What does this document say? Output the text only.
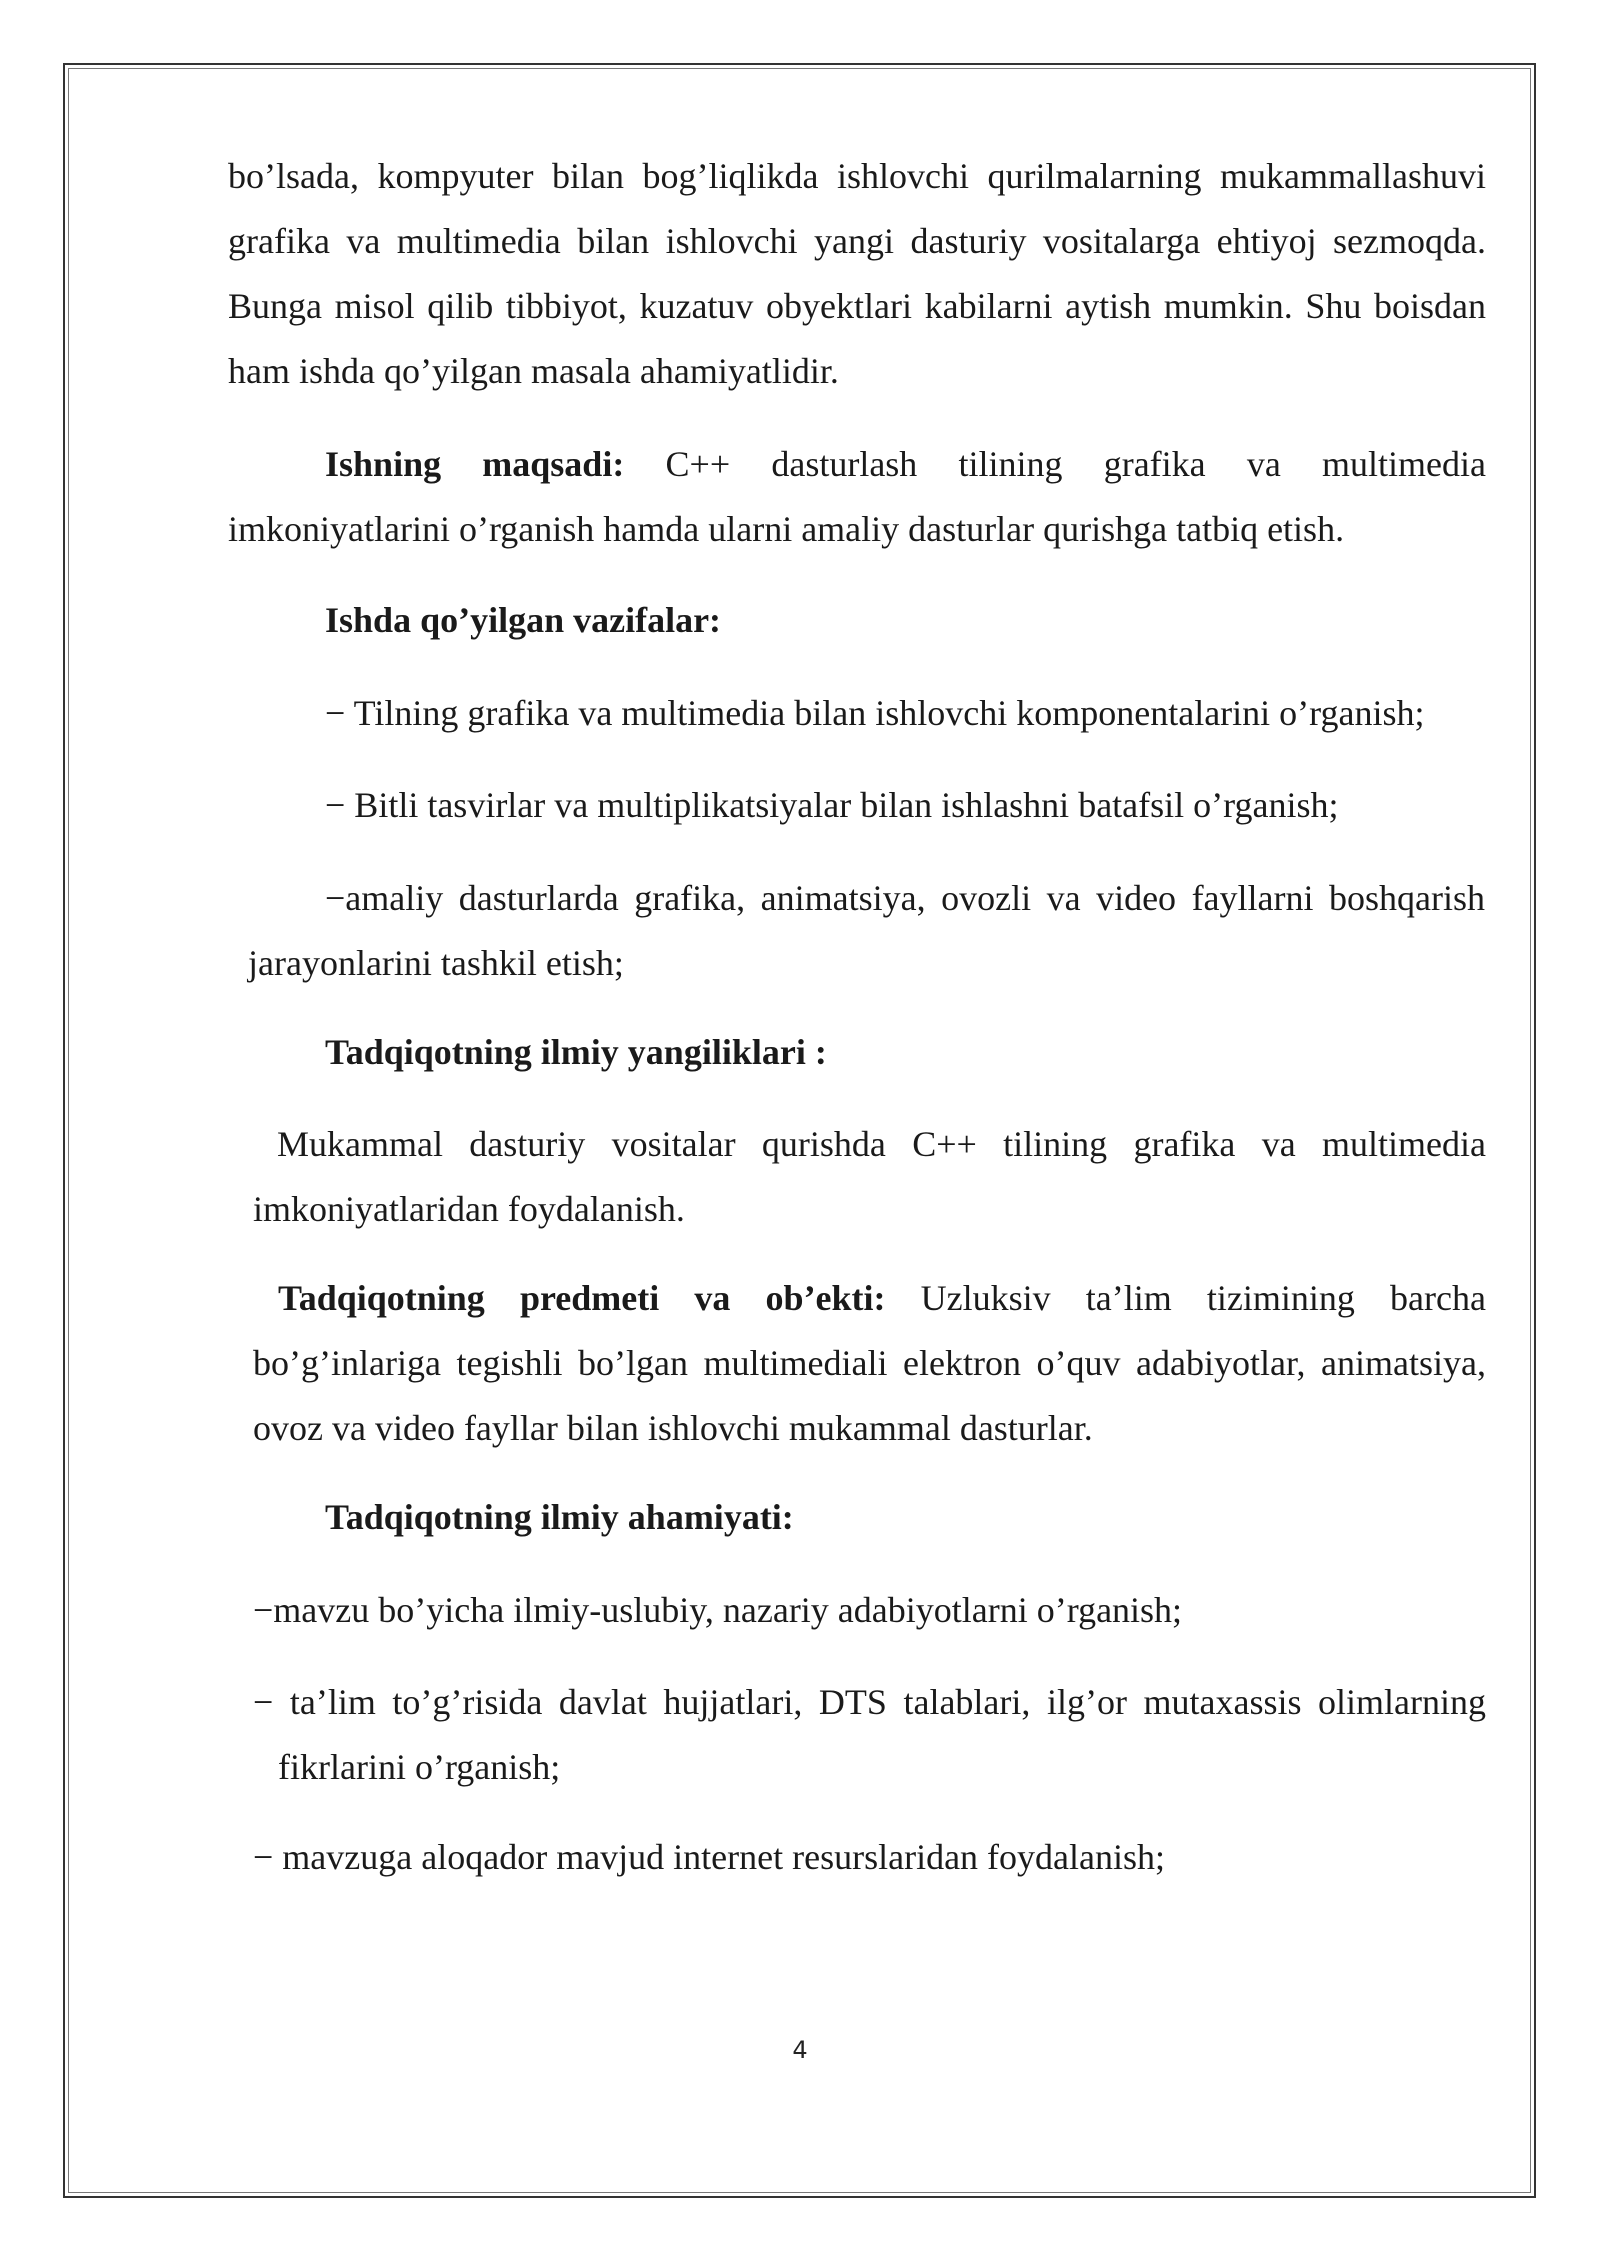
bo’lsada, kompyuter bilan bog’liqlikda ishlovchi qurilmalarning mukammallashuvi grafika va multimedia bilan ishlovchi yangi dasturiy vositalarga ehtiyoj sezmoqda. Bunga misol qilib tibbiyot, kuzatuv obyektlari kabilarni aytish mumkin. Shu boisdan ham ishda qo’yilgan masala ahamiyatlidir.
Ishning maqsadi: C++ dasturlash tilining grafika va multimedia imkoniyatlarini o’rganish hamda ularni amaliy dasturlar qurishga tatbiq etish.
Ishda qo’yilgan vazifalar:
− Tilning grafika va multimedia bilan ishlovchi komponentalarini o’rganish;
− Bitli tasvirlar va multiplikatsiyalar bilan ishlashni batafsil o’rganish;
−amaliy dasturlarda grafika, animatsiya, ovozli va video fayllarni boshqarish
jarayonlarini tashkil etish;
Tadqiqotning ilmiy yangiliklari :
Mukammal dasturiy vositalar qurishda C++ tilining grafika va multimedia
imkoniyatlaridan foydalanish.
Tadqiqotning predmeti va ob’ekti: Uzluksiv ta’lim tizimining barcha bo’g’inlariga tegishli bo’lgan multimediali elektron o’quv adabiyotlar, animatsiya, ovoz va video fayllar bilan ishlovchi mukammal dasturlar.
Tadqiqotning ilmiy ahamiyati:
−mavzu bo’yicha ilmiy-uslubiy, nazariy adabiyotlarni o’rganish;
− ta’lim to’g’risida davlat hujjatlari, DTS talablari, ilg’or mutaxassis olimlarning
fikrlarini o’rganish;
− mavzuga aloqador mavjud internet resurslaridan foydalanish;
4
